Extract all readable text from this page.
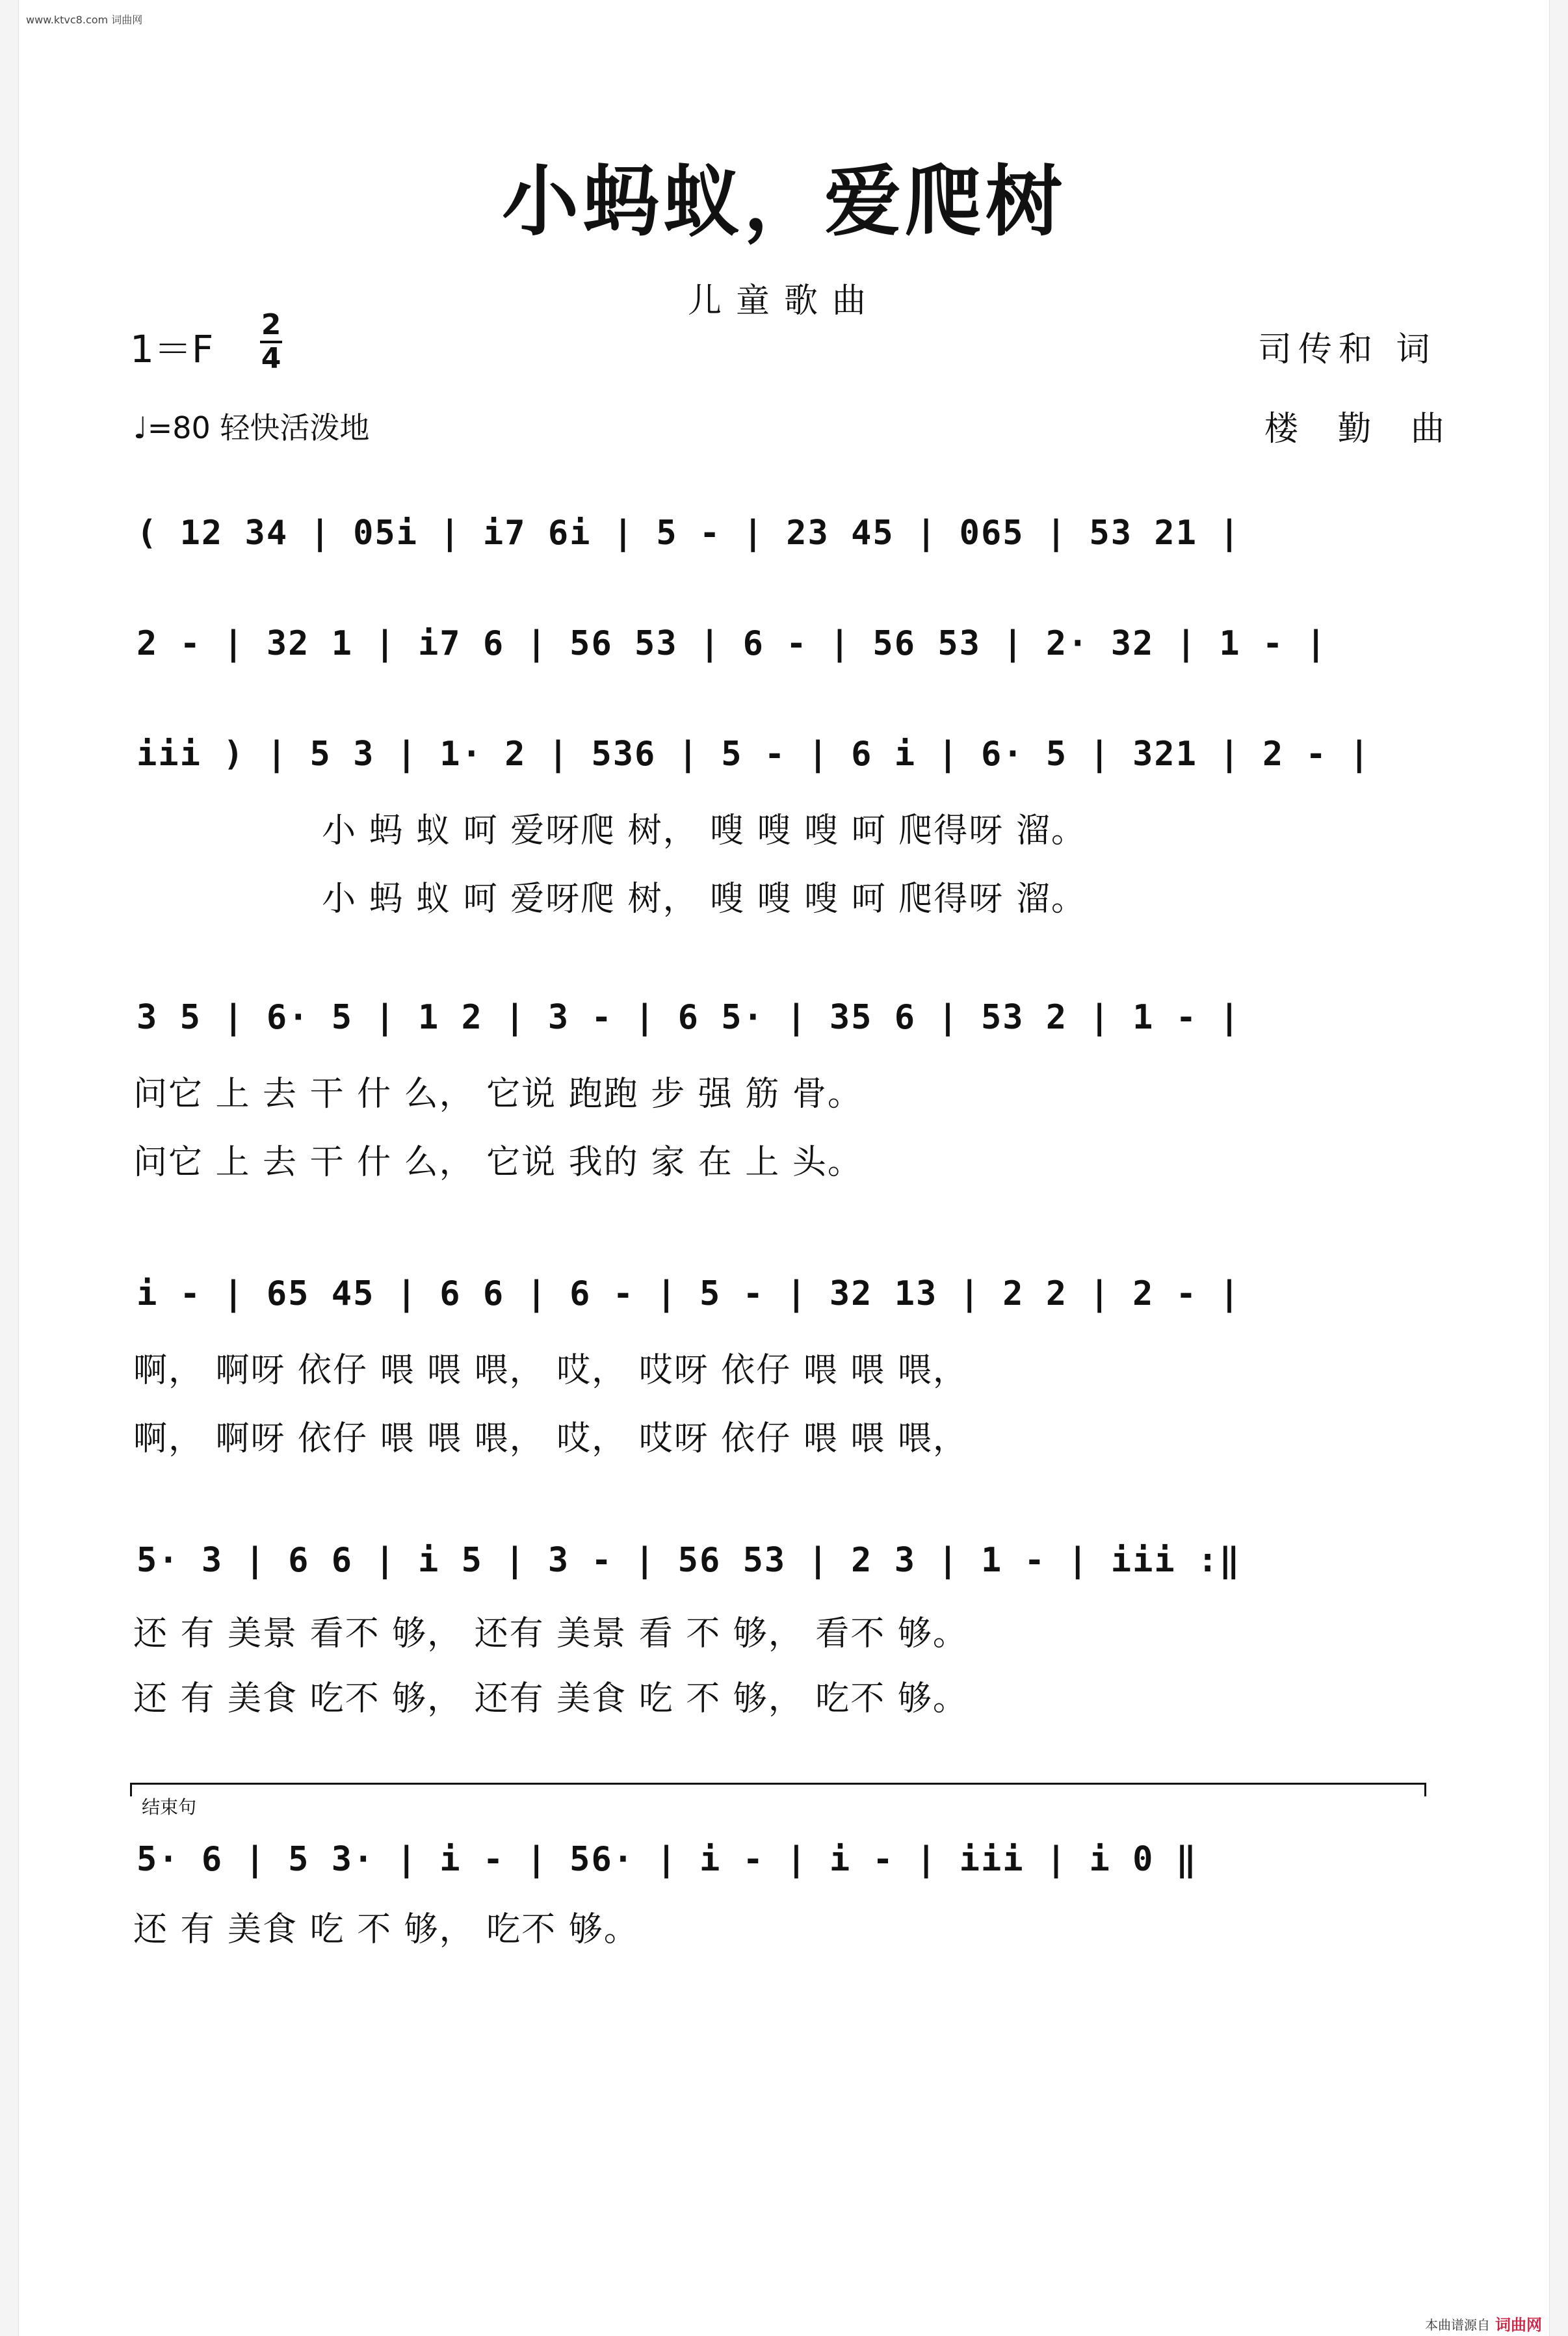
www.ktvc8.com 词曲网
小蚂蚁，爱爬树
儿童歌曲
1＝F
2
4	司传和 词
♩=80 轻快活泼地	楼 勤 曲
( 12 34 | 05i | i7 6i | 5 - | 23 45 | 065 | 53 21 |
2 - | 32 1 | i7 6 | 56 53 | 6 - | 56 53 | 2· 32 | 1 - |
iii ) | 5 3 | 1· 2 | 536 | 5 - | 6 i | 6· 5 | 321 | 2 - |
小 蚂 蚁 呵 爱呀爬 树， 嗖 嗖 嗖 呵 爬得呀 溜。
小 蚂 蚁 呵 爱呀爬 树， 嗖 嗖 嗖 呵 爬得呀 溜。
3 5 | 6· 5 | 1 2 | 3 - | 6 5· | 35 6 | 53 2 | 1 - |
问它 上 去 干 什 么， 它说 跑跑 步 强 筋 骨。
问它 上 去 干 什 么， 它说 我的 家 在 上 头。
i - | 65 45 | 6 6 | 6 - | 5 - | 32 13 | 2 2 | 2 - |
啊， 啊呀 依仔 喂 喂 喂， 哎， 哎呀 依仔 喂 喂 喂，
啊， 啊呀 依仔 喂 喂 喂， 哎， 哎呀 依仔 喂 喂 喂，
5· 3 | 6 6 | i 5 | 3 - | 56 53 | 2 3 | 1 - | iii :‖
还 有 美景 看不 够， 还有 美景 看 不 够， 看不 够。
还 有 美食 吃不 够， 还有 美食 吃 不 够， 吃不 够。
结束句
5· 6 | 5 3· | i - | 56· | i - | i - | iii | i 0 ‖
还 有 美食 吃 不 够， 吃不 够。
本曲谱源自 词曲网
